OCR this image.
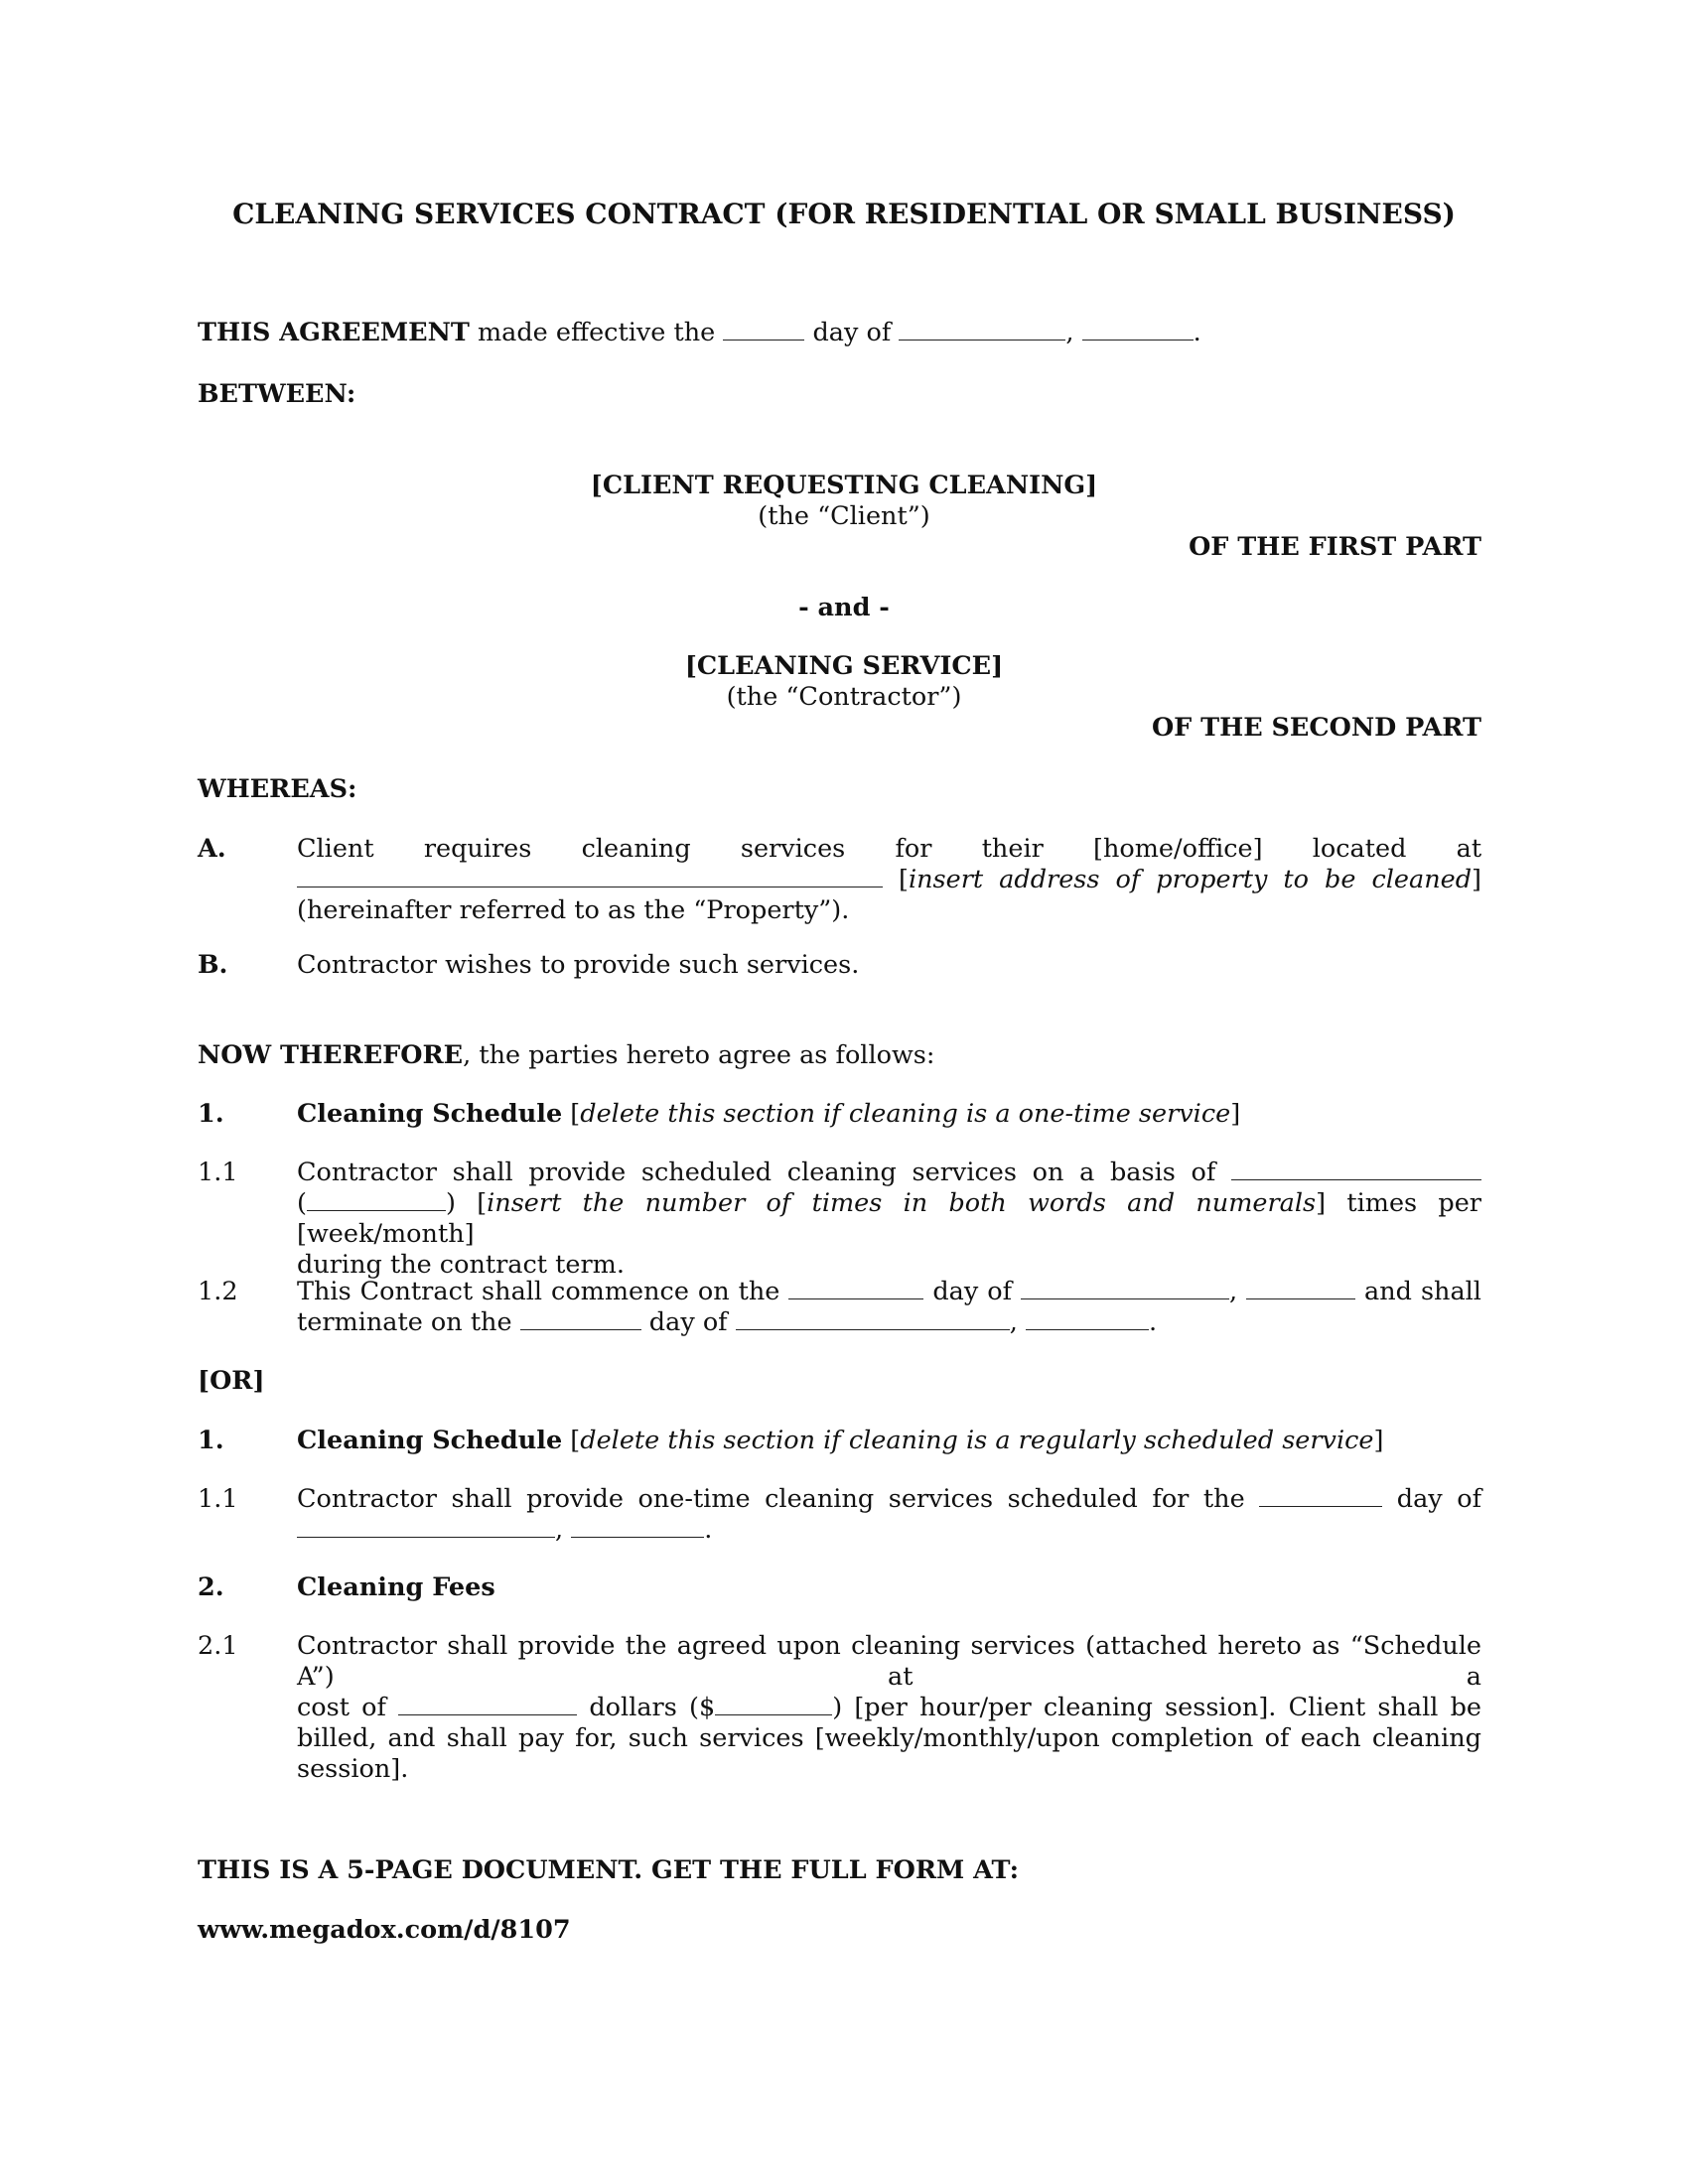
CLEANING SERVICES CONTRACT (FOR RESIDENTIAL OR SMALL BUSINESS)
THIS AGREEMENT made effective the	day of	,	.
BETWEEN:
[CLIENT REQUESTING CLEANING]
(the “Client”)
OF THE FIRST PART
- and -
[CLEANING SERVICE]
(the “Contractor”)
OF THE SECOND PART
WHEREAS:
A.	Client requires cleaning services for their [home/office] located at
[insert address of property to be cleaned]
(hereinafter referred to as the “Property”).
B.	Contractor wishes to provide such services.
NOW THEREFORE, the parties hereto agree as follows:
1.	Cleaning Schedule [delete this section if cleaning is a one-time service]
1.1	Contractor shall provide scheduled cleaning services on a basis of
(	) [insert the number of times in both words and numerals] times per [week/month]
during the contract term.
1.2	This Contract shall commence on the	day of	,	and shall
terminate on the	day of	,	.
[OR]
1.	Cleaning Schedule [delete this section if cleaning is a regularly scheduled service]
1.1	Contractor shall provide one-time cleaning services scheduled for the	day of
,	.
2.	Cleaning Fees
2.1	Contractor shall provide the agreed upon cleaning services (attached hereto as “Schedule A”) at a
cost of	dollars ($	) [per hour/per cleaning session]. Client shall be
billed, and shall pay for, such services [weekly/monthly/upon completion of each cleaning
session].
THIS IS A 5-PAGE DOCUMENT. GET THE FULL FORM AT:
www.megadox.com/d/8107
